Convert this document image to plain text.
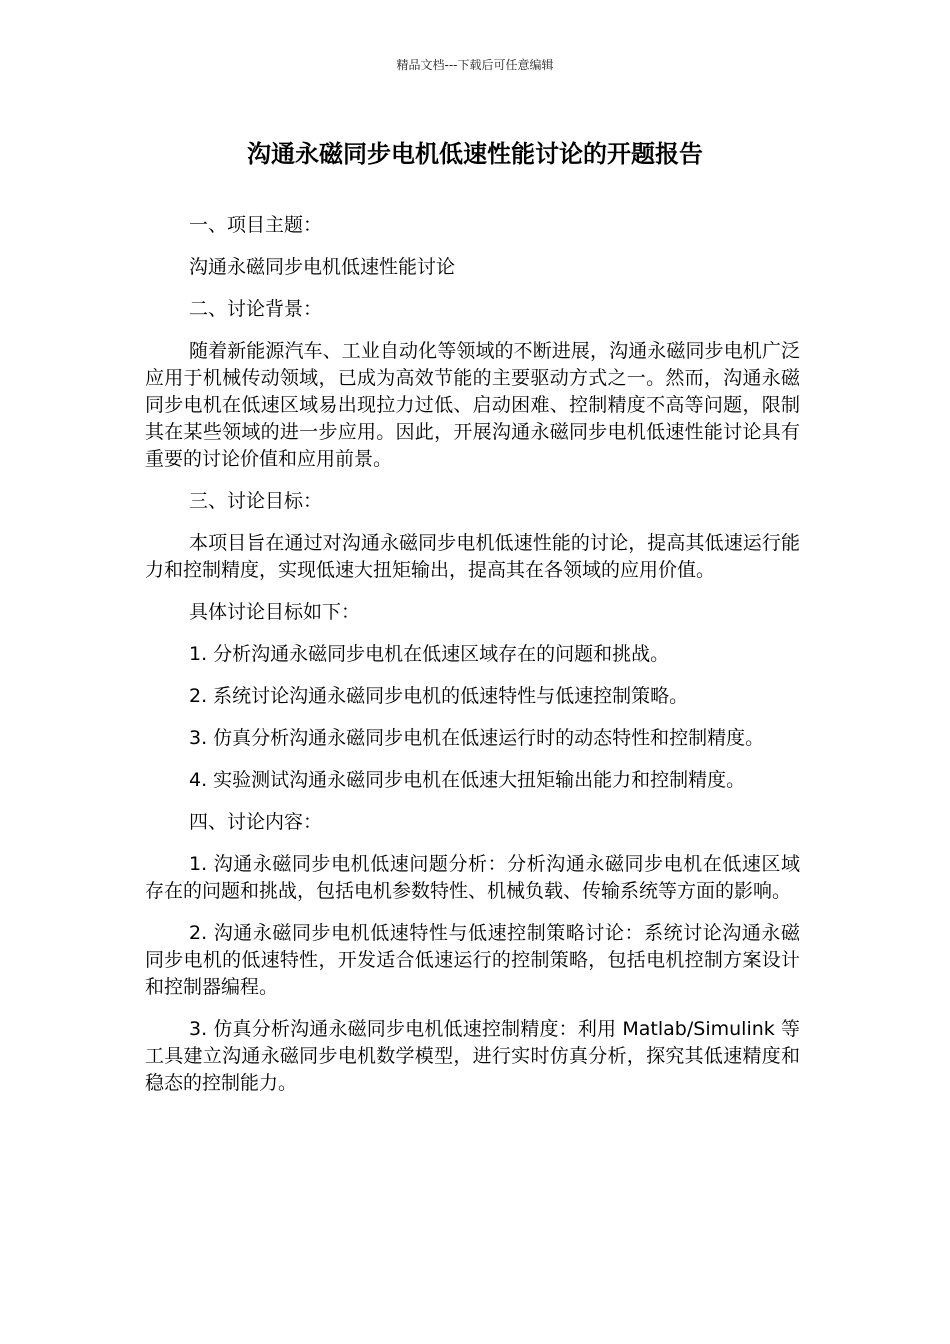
精品文档---下载后可任意编辑
沟通永磁同步电机低速性能讨论的开题报告

一、项目主题：

沟通永磁同步电机低速性能讨论

二、讨论背景：

随着新能源汽车、工业自动化等领域的不断进展，沟通永磁同步电机广泛应用于机械传动领域，已成为高效节能的主要驱动方式之一。然而，沟通永磁同步电机在低速区域易出现拉力过低、启动困难、控制精度不高等问题，限制其在某些领域的进一步应用。因此，开展沟通永磁同步电机低速性能讨论具有重要的讨论价值和应用前景。

三、讨论目标：

本项目旨在通过对沟通永磁同步电机低速性能的讨论，提高其低速运行能力和控制精度，实现低速大扭矩输出，提高其在各领域的应用价值。

具体讨论目标如下：

1. 分析沟通永磁同步电机在低速区域存在的问题和挑战。

2. 系统讨论沟通永磁同步电机的低速特性与低速控制策略。

3. 仿真分析沟通永磁同步电机在低速运行时的动态特性和控制精度。

4. 实验测试沟通永磁同步电机在低速大扭矩输出能力和控制精度。

四、讨论内容：

1. 沟通永磁同步电机低速问题分析：分析沟通永磁同步电机在低速区域存在的问题和挑战，包括电机参数特性、机械负载、传输系统等方面的影响。

2. 沟通永磁同步电机低速特性与低速控制策略讨论：系统讨论沟通永磁同步电机的低速特性，开发适合低速运行的控制策略，包括电机控制方案设计和控制器编程。

3. 仿真分析沟通永磁同步电机低速控制精度：利用 Matlab/Simulink 等工具建立沟通永磁同步电机数学模型，进行实时仿真分析，探究其低速精度和稳态的控制能力。
